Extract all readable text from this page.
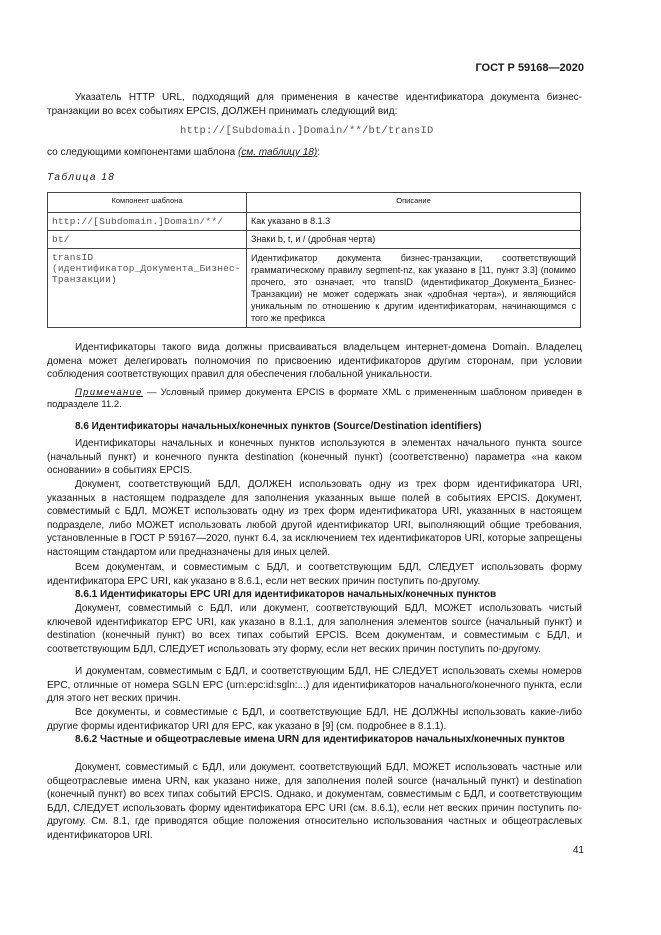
ГОСТ Р 59168—2020

Указатель HTTP URL, подходящий для применения в качестве идентификатора документа бизнес-транзакции во всех событиях EPCIS, ДОЛЖЕН принимать следующий вид:

http://[Subdomain.]Domain/**/bt/transID

со следующими компонентами шаблона (см. таблицу 18):

Таблица 18
Компонент шаблона	Описание
http://[Subdomain.]Domain/**/	Как указано в 8.1.3
bt/	Знаки b, t, и / (дробная черта)
transID (идентификатор_Документа_Бизнес-Транзакции)	Идентификатор документа бизнес-транзакции, соответствующий грамматическому правилу segment-nz, как указано в [11, пункт 3.3] (помимо прочего, это означает, что transID (идентификатор_Документа_Бизнес-Транзакции) не может содержать знак «дробная черта»), и являющийся уникальным по отношению к другим идентификаторам, начинающимся с того же префикса

Идентификаторы такого вида должны присваиваться владельцем интернет-домена Domain. Владелец домена может делегировать полномочия по присвоению идентификаторов другим сторонам, при условии соблюдения соответствующих правил для обеспечения глобальной уникальности.

Примечание — Условный пример документа EPCIS в формате XML с примененным шаблоном приведен в подразделе 11.2.

8.6 Идентификаторы начальных/конечных пунктов (Source/Destination identifiers)

Идентификаторы начальных и конечных пунктов используются в элементах начального пункта source (начальный пункт) и конечного пункта destination (конечный пункт) (соответственно) параметра «на каком основании» в событиях EPCIS.

Документ, соответствующий БДЛ, ДОЛЖЕН использовать одну из трех форм идентификатора URI, указанных в настоящем подразделе для заполнения указанных выше полей в событиях EPCIS. Документ, совместимый с БДЛ, МОЖЕТ использовать одну из трех форм идентификатора URI, указанных в настоящем подразделе, либо МОЖЕТ использовать любой другой идентификатор URI, выполняющий общие требования, установленные в ГОСТ Р 59167—2020, пункт 6.4, за исключением тех идентификаторов URI, которые запрещены настоящим стандартом или предназначены для иных целей.

Всем документам, и совместимым с БДЛ, и соответствующим БДЛ, СЛЕДУЕТ использовать форму идентификатора EPC URI, как указано в 8.6.1, если нет веских причин поступить по-другому.

8.6.1 Идентификаторы EPC URI для идентификаторов начальных/конечных пунктов

Документ, совместимый с БДЛ, или документ, соответствующий БДЛ, МОЖЕТ использовать чистый ключевой идентификатор EPC URI, как указано в 8.1.1, для заполнения элементов source (начальный пункт) и destination (конечный пункт) во всех типах событий EPCIS. Всем документам, и совместимым с БДЛ, и соответствующим БДЛ, СЛЕДУЕТ использовать эту форму, если нет веских причин поступить по-другому.

И документам, совместимым с БДЛ, и соответствующим БДЛ, НЕ СЛЕДУЕТ использовать схемы номеров EPC, отличные от номера SGLN EPC (urn:epc:id:sgln:...) для идентификаторов начального/конечного пункта, если для этого нет веских причин.

Все документы, и совместимые с БДЛ, и соответствующие БДЛ, НЕ ДОЛЖНЫ использовать какие-либо другие формы идентификатор URI для EPC, как указано в [9] (см. подробнее в 8.1.1).

8.6.2 Частные и общеотраслевые имена URN для идентификаторов начальных/конечных пунктов

Документ, совместимый с БДЛ, или документ, соответствующий БДЛ, МОЖЕТ использовать частные или общеотраслевые имена URN, как указано ниже, для заполнения полей source (начальный пункт) и destination (конечный пункт) во всех типах событий EPCIS. Однако, и документам, совместимым с БДЛ, и соответствующим БДЛ, СЛЕДУЕТ использовать форму идентификатора EPC URI (см. 8.6.1), если нет веских причин поступить по-другому. См. 8.1, где приводятся общие положения относительно использования частных и общеотраслевых идентификаторов URI.

41
